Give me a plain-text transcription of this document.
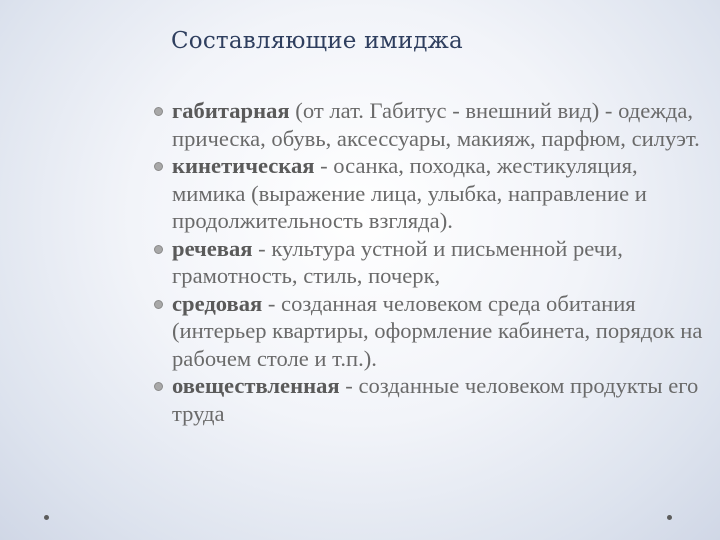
Составляющие имиджа
габитарная (от лат. Габитус - внешний вид) - одежда, прическа, обувь, аксессуары, макияж, парфюм, силуэт.
кинетическая - осанка, походка, жестикуляция, мимика (выражение лица, улыбка, направление и продолжительность взгляда).
речевая - культура устной и письменной речи, грамотность, стиль, почерк,
средовая - созданная человеком среда обитания (интерьер квартиры, оформление кабинета, порядок на рабочем столе и т.п.).
овеществленная - созданные человеком продукты его труда
